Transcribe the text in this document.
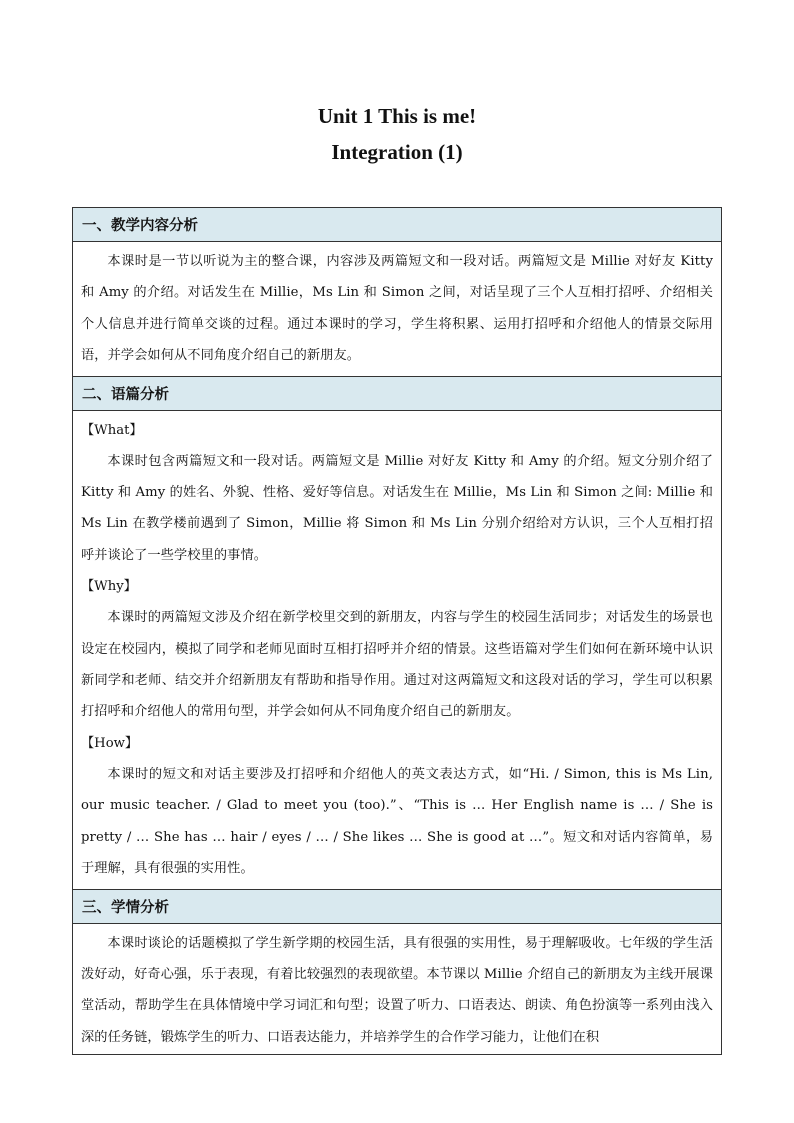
Unit 1 This is me!
Integration (1)
一、教学内容分析

本课时是一节以听说为主的整合课，内容涉及两篇短文和一段对话。两篇短文是 Millie 对好友 Kitty 和 Amy 的介绍。对话发生在 Millie，Ms Lin 和 Simon 之间，对话呈现了三个人互相打招呼、介绍相关个人信息并进行简单交谈的过程。通过本课时的学习，学生将积累、运用打招呼和介绍他人的情景交际用语，并学会如何从不同角度介绍自己的新朋友。

二、语篇分析

【What】

本课时包含两篇短文和一段对话。两篇短文是 Millie 对好友 Kitty 和 Amy 的介绍。短文分别介绍了 Kitty 和 Amy 的姓名、外貌、性格、爱好等信息。对话发生在 Millie，Ms Lin 和 Simon 之间: Millie 和 Ms Lin 在教学楼前遇到了 Simon，Millie 将 Simon 和 Ms Lin 分别介绍给对方认识，三个人互相打招呼并谈论了一些学校里的事情。

【Why】

本课时的两篇短文涉及介绍在新学校里交到的新朋友，内容与学生的校园生活同步；对话发生的场景也设定在校园内，模拟了同学和老师见面时互相打招呼并介绍的情景。这些语篇对学生们如何在新环境中认识新同学和老师、结交并介绍新朋友有帮助和指导作用。通过对这两篇短文和这段对话的学习，学生可以积累打招呼和介绍他人的常用句型，并学会如何从不同角度介绍自己的新朋友。

【How】

本课时的短文和对话主要涉及打招呼和介绍他人的英文表达方式，如“Hi. / Simon, this is Ms Lin, our music teacher. / Glad to meet you (too).”、“This is … Her English name is … / She is pretty / … She has … hair / eyes / … / She likes … She is good at …”。短文和对话内容简单，易于理解，具有很强的实用性。

三、学情分析

本课时谈论的话题模拟了学生新学期的校园生活，具有很强的实用性，易于理解吸收。七年级的学生活泼好动，好奇心强，乐于表现，有着比较强烈的表现欲望。本节课以 Millie 介绍自己的新朋友为主线开展课堂活动，帮助学生在具体情境中学习词汇和句型；设置了听力、口语表达、朗读、角色扮演等一系列由浅入深的任务链，锻炼学生的听力、口语表达能力，并培养学生的合作学习能力，让他们在积
